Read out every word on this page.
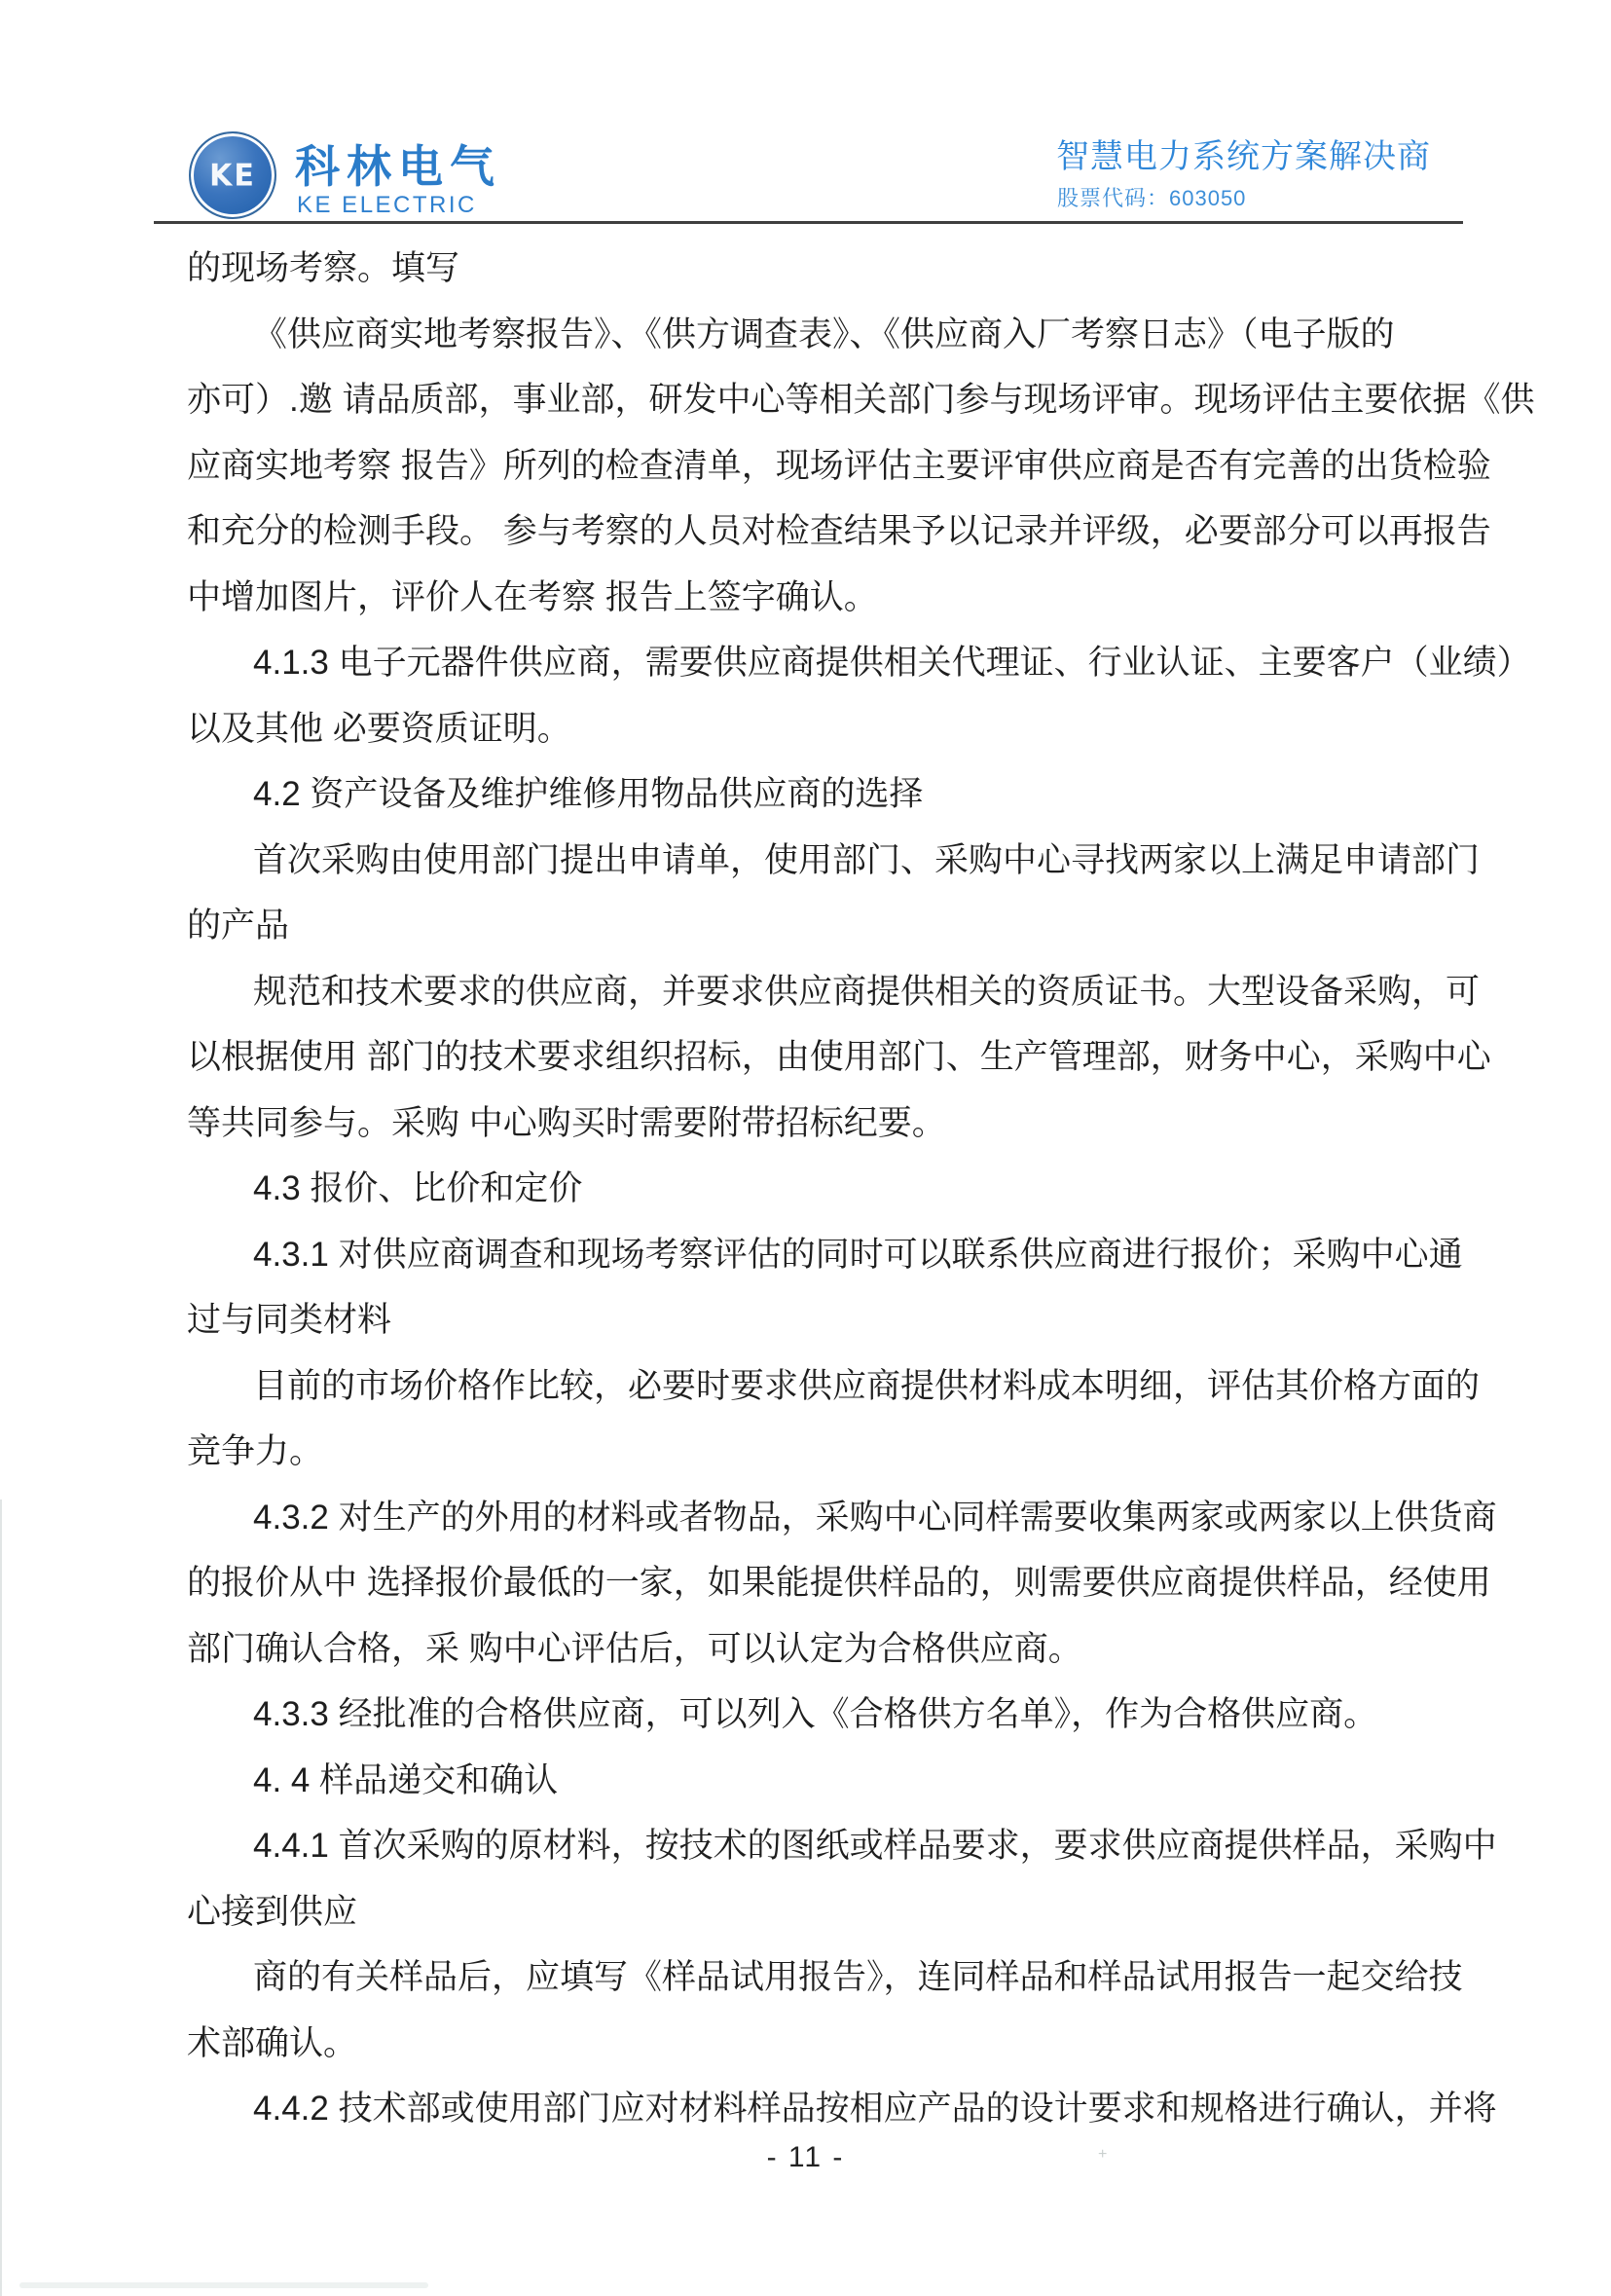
KE 科林电气
KE ELECTRIC
智慧电力系统方案解决商
股票代码：603050
的现场考察。填写
《供应商实地考察报告》、《供方调查表》、《供应商入厂考察日志》（电子版的
亦可）.邀 请品质部，事业部，研发中心等相关部门参与现场评审。现场评估主要依据《供
应商实地考察 报告》所列的检查清单，现场评估主要评审供应商是否有完善的出货检验
和充分的检测手段。 参与考察的人员对检查结果予以记录并评级，必要部分可以再报告
中增加图片，评价人在考察 报告上签字确认。
4.1.3 电子元器件供应商，需要供应商提供相关代理证、行业认证、主要客户（业绩）
以及其他 必要资质证明。
4.2 资产设备及维护维修用物品供应商的选择
首次采购由使用部门提出申请单，使用部门、采购中心寻找两家以上满足申请部门
的产品
规范和技术要求的供应商，并要求供应商提供相关的资质证书。大型设备采购，可
以根据使用 部门的技术要求组织招标，由使用部门、生产管理部，财务中心，采购中心
等共同参与。采购 中心购买时需要附带招标纪要。
4.3 报价、比价和定价
4.3.1 对供应商调查和现场考察评估的同时可以联系供应商进行报价；采购中心通
过与同类材料
目前的市场价格作比较，必要时要求供应商提供材料成本明细，评估其价格方面的
竞争力。
4.3.2 对生产的外用的材料或者物品，采购中心同样需要收集两家或两家以上供货商
的报价从中 选择报价最低的一家，如果能提供样品的，则需要供应商提供样品，经使用
部门确认合格，采 购中心评估后，可以认定为合格供应商。
4.3.3 经批准的合格供应商，可以列入《合格供方名单》，作为合格供应商。
4. 4 样品递交和确认
4.4.1 首次采购的原材料，按技术的图纸或样品要求，要求供应商提供样品，采购中
心接到供应
商的有关样品后，应填写《样品试用报告》，连同样品和样品试用报告一起交给技
术部确认。
4.4.2 技术部或使用部门应对材料样品按相应产品的设计要求和规格进行确认，并将
- 11 -	+
